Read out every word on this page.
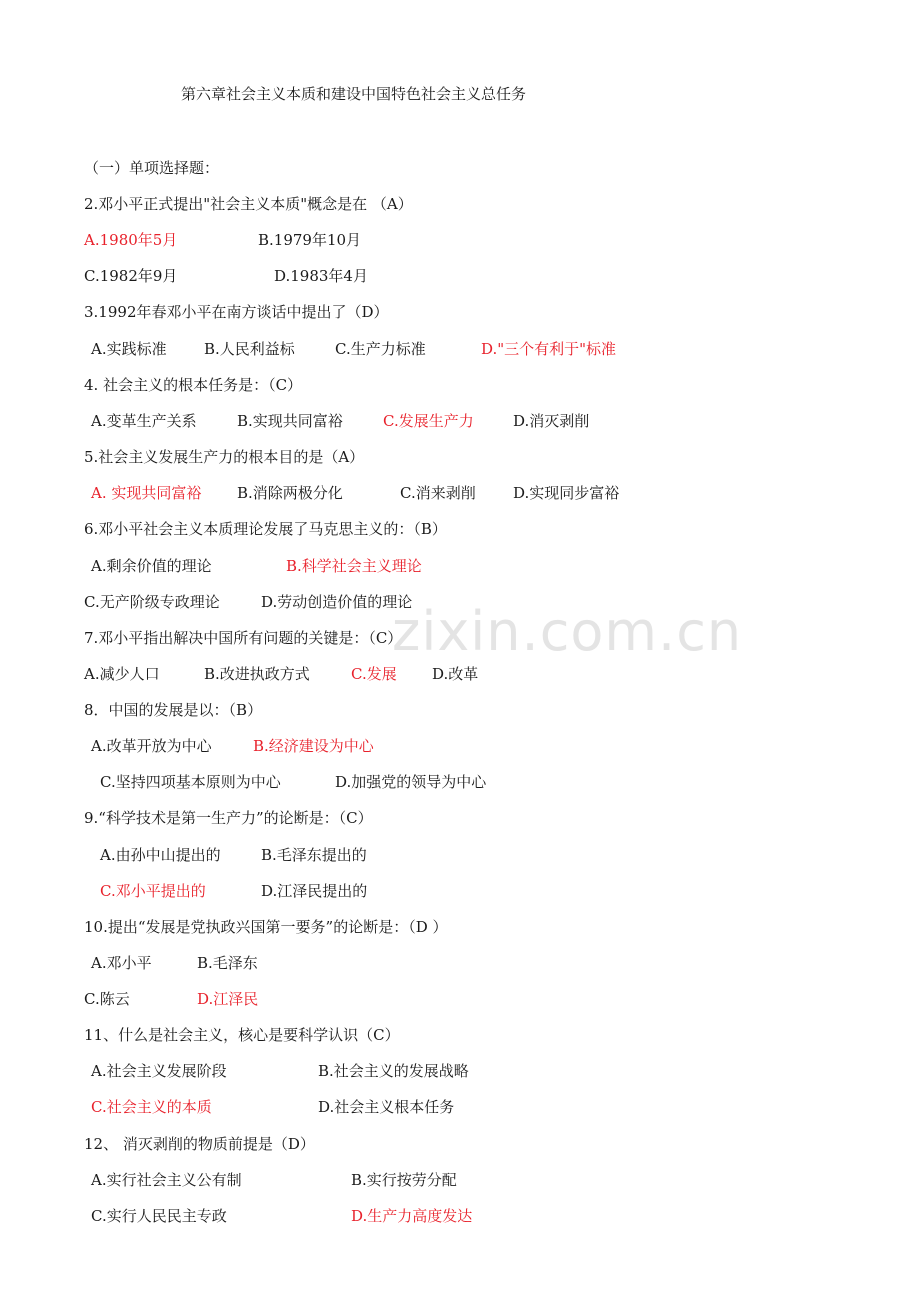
zixin.com.cn
第六章社会主义本质和建设中国特色社会主义总任务
（一）单项选择题：
2.邓小平正式提出"社会主义本质"概念是在 （A）
A.1980年5月	B.1979年10月
C.1982年9月	D.1983年4月
3.1992年春邓小平在南方谈话中提出了（D）
A.实践标准 B.人民利益标	C.生产力标准	D."三个有利于"标准
4. 社会主义的根本任务是：（C）
A.变革生产关系	B.实现共同富裕	C.发展生产力	D.消灭剥削
5.社会主义发展生产力的根本目的是（A）
A. 实现共同富裕 B.消除两极分化	C.消来剥削 D.实现同步富裕
6.邓小平社会主义本质理论发展了马克思主义的：（B）
A.剩余价值的理论	B.科学社会主义理论
C.无产阶级专政理论	D.劳动创造价值的理论
7.邓小平指出解决中国所有问题的关键是：（C）
A.减少人口	B.改进执政方式	C.发展 D.改革
8．中国的发展是以：（B）
A.改革开放为中心	B.经济建设为中心
C.坚持四项基本原则为中心	D.加强党的领导为中心
9.“科学技术是第一生产力”的论断是：（C）
A.由孙中山提出的	B.毛泽东提出的
C.邓小平提出的	D.江泽民提出的
10.提出“发展是党执政兴国第一要务”的论断是：（D ）
A.邓小平	B.毛泽东
C.陈云	D.江泽民
11、什么是社会主义，核心是要科学认识（C）
A.社会主义发展阶段	B.社会主义的发展战略
C.社会主义的本质	D.社会主义根本任务
12、 消灭剥削的物质前提是（D）
A.实行社会主义公有制	B.实行按劳分配
C.实行人民民主专政	D.生产力高度发达
